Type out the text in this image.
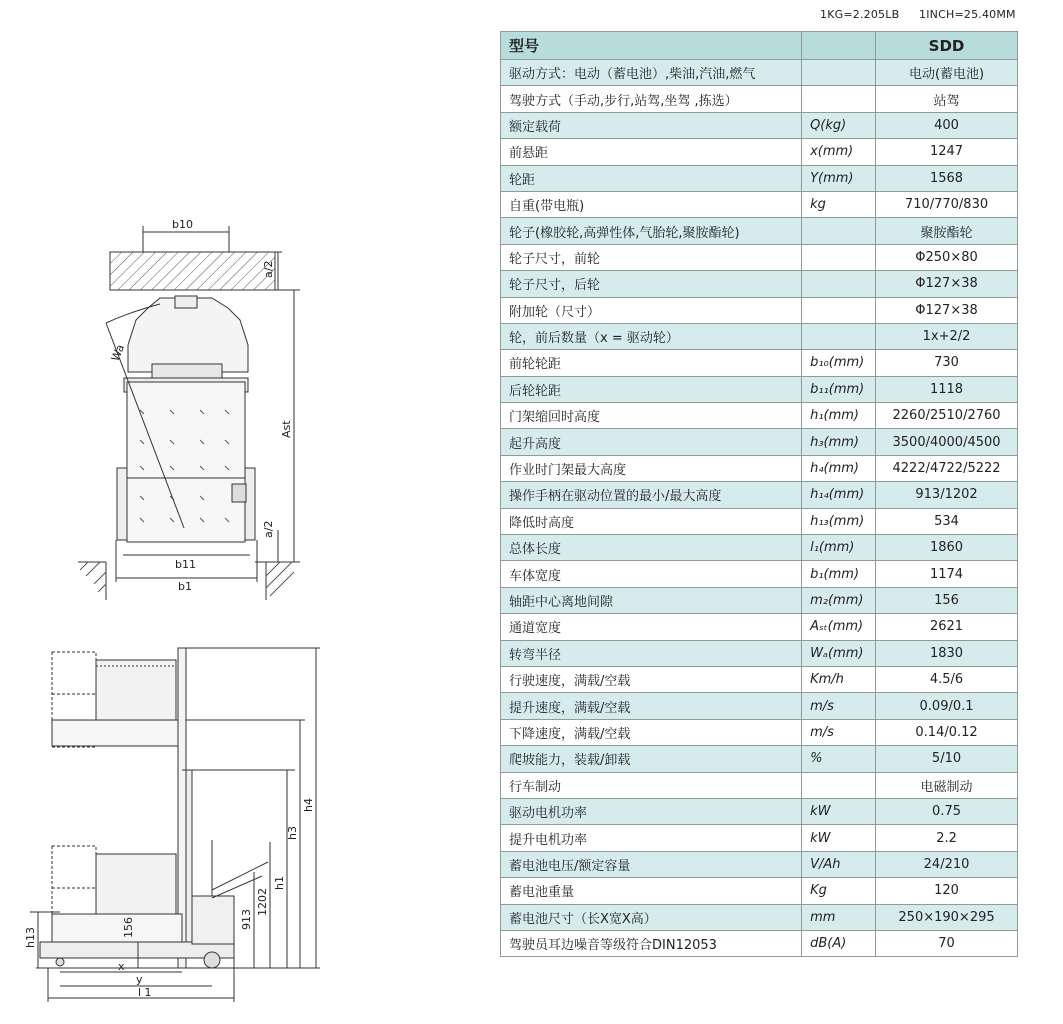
1KG=2.205LB 1INCH=25.40MM
b10
a/2
Wa
Ast
a/2
b11
b1
h4
h3
h1
1202
913
156
h13
x
y
l 1
型号		SDD
驱动方式：电动（蓄电池）,柴油,汽油,燃气		电动(蓄电池)
驾驶方式（手动,步行,站驾,坐驾 ,拣选）		站驾
额定载荷	Q(kg)	400
前悬距	x(mm)	1247
轮距	Y(mm)	1568
自重(带电瓶)	kg	710/770/830
轮子(橡胶轮,高弹性体,气胎轮,聚胺酯轮)		聚胺酯轮
轮子尺寸，前轮		Φ250×80
轮子尺寸，后轮		Φ127×38
附加轮（尺寸）		Φ127×38
轮，前后数量（x = 驱动轮）		1x+2/2
前轮轮距	b₁₀(mm)	730
后轮轮距	b₁₁(mm)	1118
门架缩回时高度	h₁(mm)	2260/2510/2760
起升高度	h₃(mm)	3500/4000/4500
作业时门架最大高度	h₄(mm)	4222/4722/5222
操作手柄在驱动位置的最小/最大高度	h₁₄(mm)	913/1202
降低时高度	h₁₃(mm)	534
总体长度	l₁(mm)	1860
车体宽度	b₁(mm)	1174
轴距中心离地间隙	m₂(mm)	156
通道宽度	Aₛₜ(mm)	2621
转弯半径	Wₐ(mm)	1830
行驶速度，满载/空载	Km/h	4.5/6
提升速度，满载/空载	m/s	0.09/0.1
下降速度，满载/空载	m/s	0.14/0.12
爬坡能力，装载/卸载	%	5/10
行车制动		电磁制动
驱动电机功率	kW	0.75
提升电机功率	kW	2.2
蓄电池电压/额定容量	V/Ah	24/210
蓄电池重量	Kg	120
蓄电池尺寸（长X宽X高）	mm	250×190×295
驾驶员耳边噪音等级符合DIN12053	dB(A)	70
